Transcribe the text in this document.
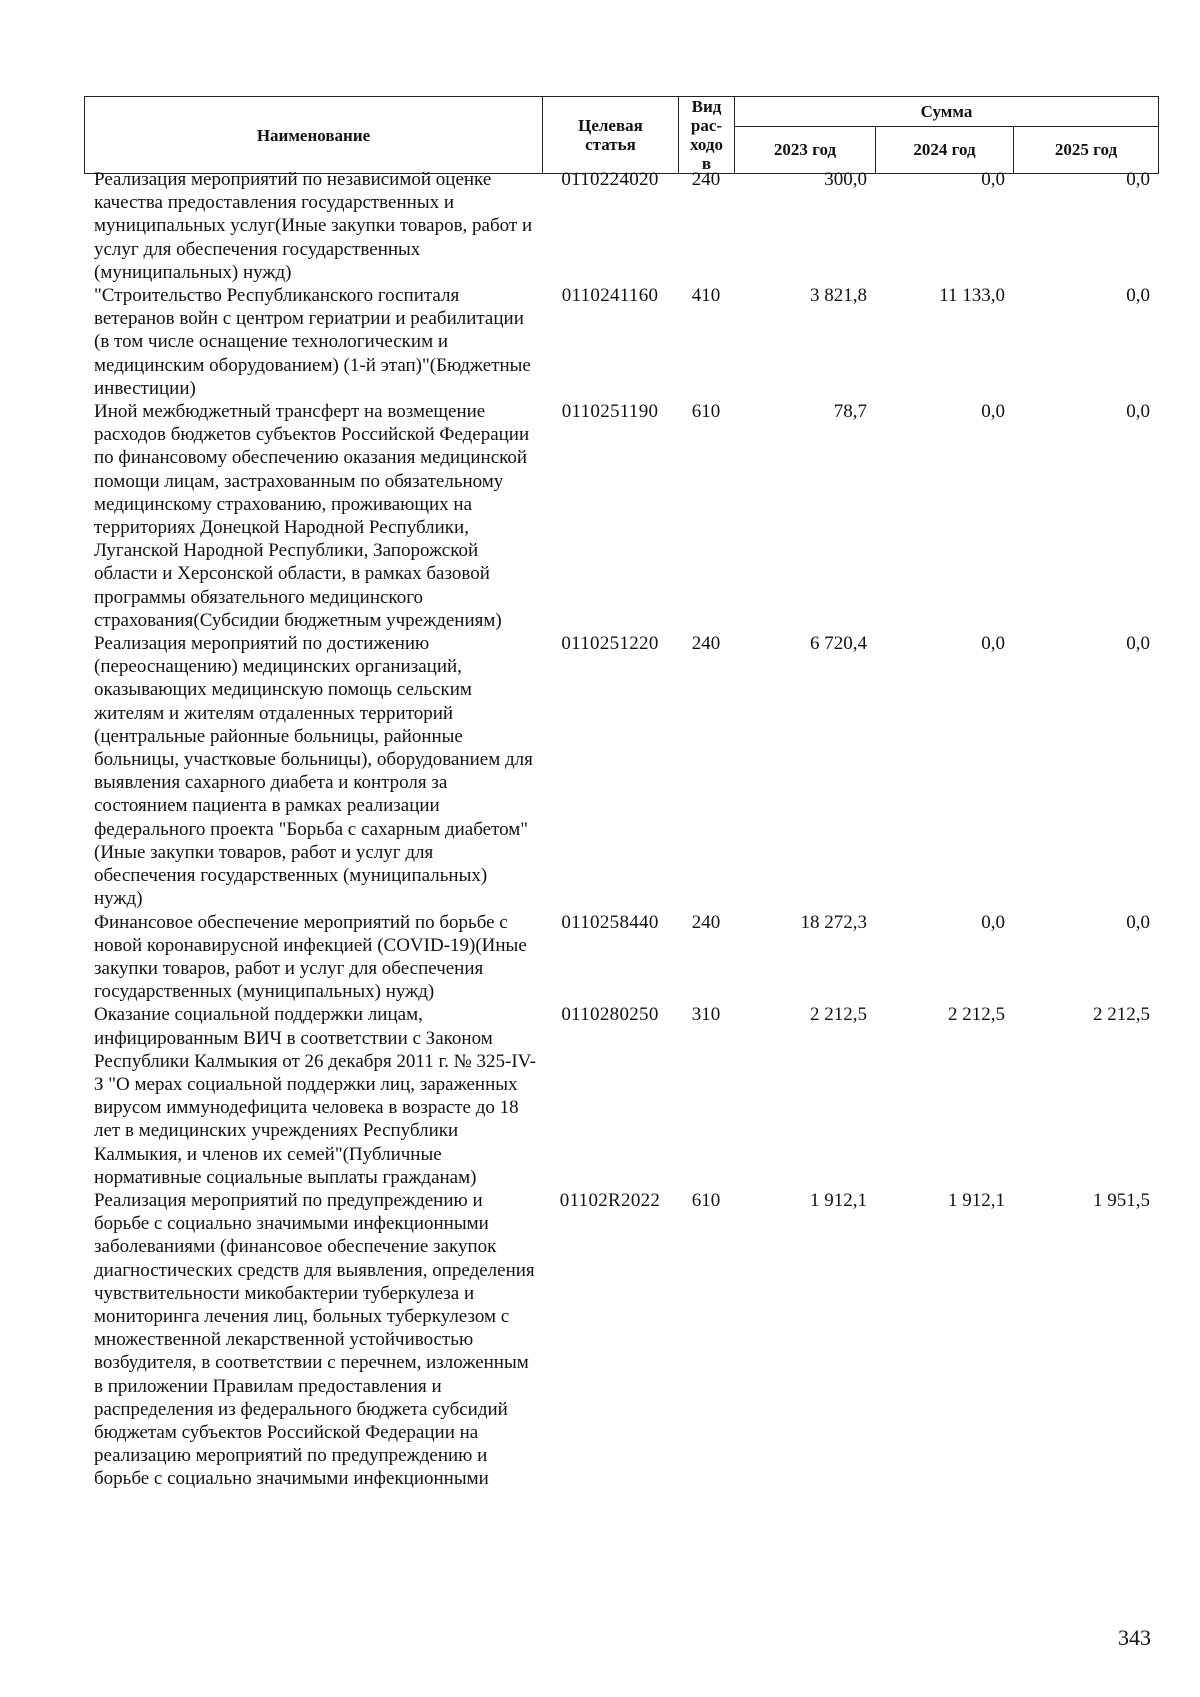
Наименование	Целевая статья	Вид рас-ходов	Сумма		
			2023 год	2024 год	2025 год
Реализация мероприятий по независимой оценке качества предоставления государственных и муниципальных услуг(Иные закупки товаров, работ и услуг для обеспечения государственных (муниципальных) нужд)	0110224020	240	300,0	0,0	0,0
"Строительство Республиканского госпиталя ветеранов войн с центром гериатрии и реабилитации (в том числе оснащение технологическим и медицинским оборудованием) (1-й этап)"(Бюджетные инвестиции)	0110241160	410	3 821,8	11 133,0	0,0
Иной межбюджетный трансферт на возмещение расходов бюджетов субъектов Российской Федерации по финансовому обеспечению оказания медицинской помощи лицам, застрахованным по обязательному медицинскому страхованию, проживающих на территориях Донецкой Народной Республики, Луганской Народной Республики, Запорожской области и Херсонской области, в рамках базовой программы обязательного медицинского страхования(Субсидии бюджетным учреждениям)	0110251190	610	78,7	0,0	0,0
Реализация мероприятий по достижению (переоснащению) медицинских организаций, оказывающих медицинскую помощь сельским жителям и жителям отдаленных территорий (центральные районные больницы, районные больницы, участковые больницы), оборудованием для выявления сахарного диабета и контроля за состоянием пациента в рамках реализации федерального проекта "Борьба с сахарным диабетом"(Иные закупки товаров, работ и услуг для обеспечения государственных (муниципальных) нужд)	0110251220	240	6 720,4	0,0	0,0
Финансовое обеспечение мероприятий по борьбе с новой коронавирусной инфекцией (COVID-19)(Иные закупки товаров, работ и услуг для обеспечения государственных (муниципальных) нужд)	0110258440	240	18 272,3	0,0	0,0
Оказание социальной поддержки лицам, инфицированным ВИЧ в соответствии с Законом Республики Калмыкия от 26 декабря 2011 г. № 325-IV-З "О мерах социальной поддержки лиц, зараженных вирусом иммунодефицита человека в возрасте до 18 лет в медицинских учреждениях Республики Калмыкия, и членов их семей"(Публичные нормативные социальные выплаты гражданам)	0110280250	310	2 212,5	2 212,5	2 212,5
Реализация мероприятий по предупреждению и борьбе с социально значимыми инфекционными заболеваниями (финансовое обеспечение закупок диагностических средств для выявления, определения чувствительности микобактерии туберкулеза и мониторинга лечения лиц, больных туберкулезом с множественной лекарственной устойчивостью возбудителя, в соответствии с перечнем, изложенным в приложении Правилам предоставления и распределения из федерального бюджета субсидий бюджетам субъектов Российской Федерации на реализацию мероприятий по предупреждению и борьбе с социально значимыми инфекционными	01102R2022	610	1 912,1	1 912,1	1 951,5
343
